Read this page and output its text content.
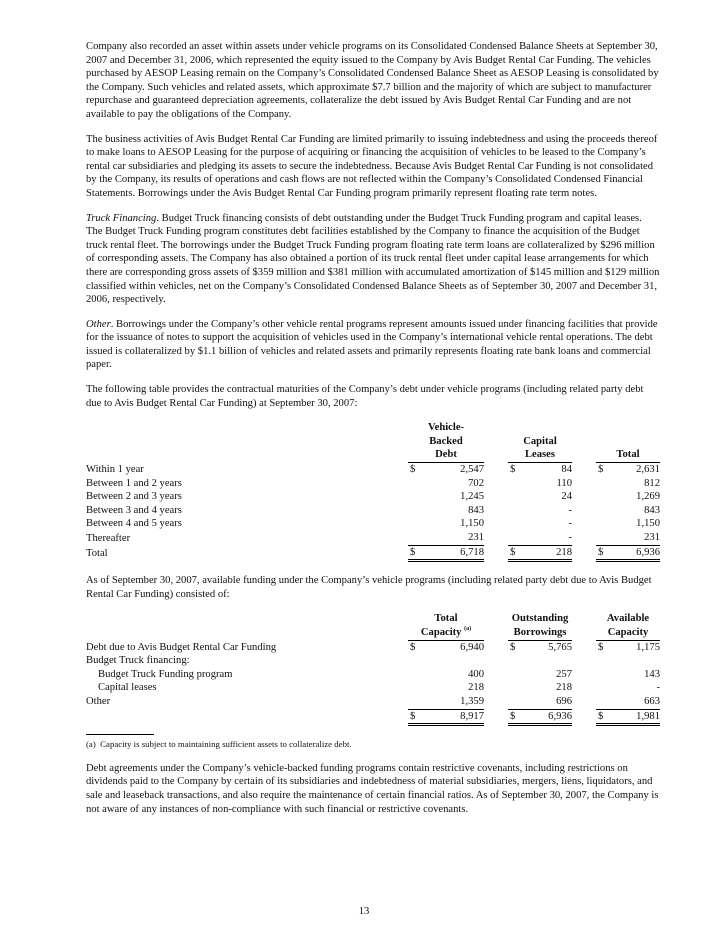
Company also recorded an asset within assets under vehicle programs on its Consolidated Condensed Balance Sheets at September 30, 2007 and December 31, 2006, which represented the equity issued to the Company by Avis Budget Rental Car Funding. The vehicles purchased by AESOP Leasing remain on the Company’s Consolidated Condensed Balance Sheet as AESOP Leasing is consolidated by the Company. Such vehicles and related assets, which approximate $7.7 billion and the majority of which are subject to manufacturer repurchase and guaranteed depreciation agreements, collateralize the debt issued by Avis Budget Rental Car Funding and are not available to pay the obligations of the Company.

The business activities of Avis Budget Rental Car Funding are limited primarily to issuing indebtedness and using the proceeds thereof to make loans to AESOP Leasing for the purpose of acquiring or financing the acquisition of vehicles to be leased to the Company’s rental car subsidiaries and pledging its assets to secure the indebtedness. Because Avis Budget Rental Car Funding is not consolidated by the Company, its results of operations and cash flows are not reflected within the Company’s Consolidated Condensed Financial Statements. Borrowings under the Avis Budget Rental Car Funding program primarily represent floating rate term notes.

Truck Financing. Budget Truck financing consists of debt outstanding under the Budget Truck Funding program and capital leases. The Budget Truck Funding program constitutes debt facilities established by the Company to finance the acquisition of the Budget truck rental fleet. The borrowings under the Budget Truck Funding program floating rate term loans are collateralized by $296 million of corresponding assets. The Company has also obtained a portion of its truck rental fleet under capital lease arrangements for which there are corresponding gross assets of $359 million and $381 million with accumulated amortization of $145 million and $129 million classified within vehicles, net on the Company’s Consolidated Condensed Balance Sheets as of September 30, 2007 and December 31, 2006, respectively.

Other. Borrowings under the Company’s other vehicle rental programs represent amounts issued under financing facilities that provide for the issuance of notes to support the acquisition of vehicles used in the Company’s international vehicle rental operations. The debt issued is collateralized by $1.1 billion of vehicles and related assets and primarily represents floating rate bank loans and commercial paper.

The following table provides the contractual maturities of the Company’s debt under vehicle programs (including related party debt due to Avis Budget Rental Car Funding) at September 30, 2007:

	Vehicle-							
	Backed			Capital				
	Debt			Leases			Total	
Within 1 year	$	2,547		$	84		$	2,631
Between 1 and 2 years		702			110			812
Between 2 and 3 years		1,245			24			1,269
Between 3 and 4 years		843			-			843
Between 4 and 5 years		1,150			-			1,150
Thereafter		231			-			231
Total	$	6,718		$	218		$	6,936

As of September 30, 2007, available funding under the Company’s vehicle programs (including related party debt due to Avis Budget Rental Car Funding) consisted of:

	Total			Outstanding			Available	
	Capacity $^{(a)}$			Borrowings			Capacity	
Debt due to Avis Budget Rental Car Funding	$	6,940		$	5,765		$	1,175
Budget Truck financing:								
Budget Truck Funding program		400			257			143
Capital leases		218			218			-
Other		1,359			696			663
	$	8,917		$	6,936		$	1,981

(a) Capacity is subject to maintaining sufficient assets to collateralize debt.

Debt agreements under the Company’s vehicle-backed funding programs contain restrictive covenants, including restrictions on dividends paid to the Company by certain of its subsidiaries and indebtedness of material subsidiaries, mergers, liens, liquidators, and sale and leaseback transactions, and also require the maintenance of certain financial ratios. As of September 30, 2007, the Company is not aware of any instances of non-compliance with such financial or restrictive covenants.

13
